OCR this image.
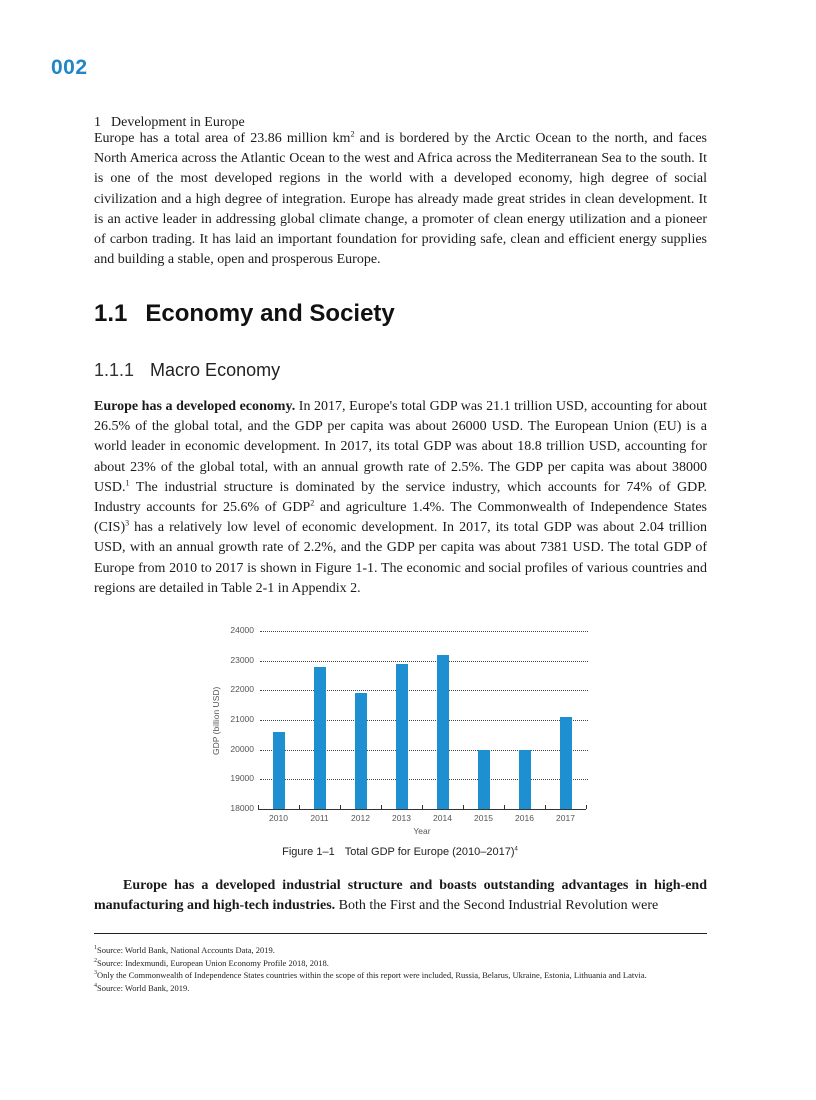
002
1 Development in Europe
Europe has a total area of 23.86 million $km^2$ and is bordered by the Arctic Ocean to the north, and faces North America across the Atlantic Ocean to the west and Africa across the Mediterranean Sea to the south. It is one of the most developed regions in the world with a developed economy, high degree of social civilization and a high degree of integration. Europe has already made great strides in clean development. It is an active leader in addressing global climate change, a promoter of clean energy utilization and a pioneer of carbon trading. It has laid an important foundation for providing safe, clean and efficient energy supplies and building a stable, open and prosperous Europe.
1.1 Economy and Society
1.1.1 Macro Economy
Europe has a developed economy. In 2017, Europe's total GDP was 21.1 trillion USD, accounting for about 26.5% of the global total, and the GDP per capita was about 26000 USD. The European Union (EU) is a world leader in economic development. In 2017, its total GDP was about 18.8 trillion USD, accounting for about 23% of the global total, with an annual growth rate of 2.5%. The GDP per capita was about 38000 USD.$^1$ The industrial structure is dominated by the service industry, which accounts for 74% of GDP. Industry accounts for 25.6% of GDP$^2$ and agriculture 1.4%. The Commonwealth of Independence States (CIS)$^3$ has a relatively low level of economic development. In 2017, its total GDP was about 2.04 trillion USD, with an annual growth rate of 2.2%, and the GDP per capita was about 7381 USD. The total GDP of Europe from 2010 to 2017 is shown in Figure 1-1. The economic and social profiles of various countries and regions are detailed in Table 2-1 in Appendix 2.
24000
23000
22000
21000
20000
19000
18000
2010	2011	2012	2013	2014	2015	2016	2017
Year
GDP (billion USD)
Figure 1–1 Total GDP for Europe (2010–2017)$^4$
Europe has a developed industrial structure and boasts outstanding advantages in high-end manufacturing and high-tech industries. Both the First and the Second Industrial Revolution were
$^1$Source: World Bank, National Accounts Data, 2019.
$^2$Source: Indexmundi, European Union Economy Profile 2018, 2018.
$^3$Only the Commonwealth of Independence States countries within the scope of this report were included, Russia, Belarus, Ukraine, Estonia, Lithuania and Latvia.
$^4$Source: World Bank, 2019.
